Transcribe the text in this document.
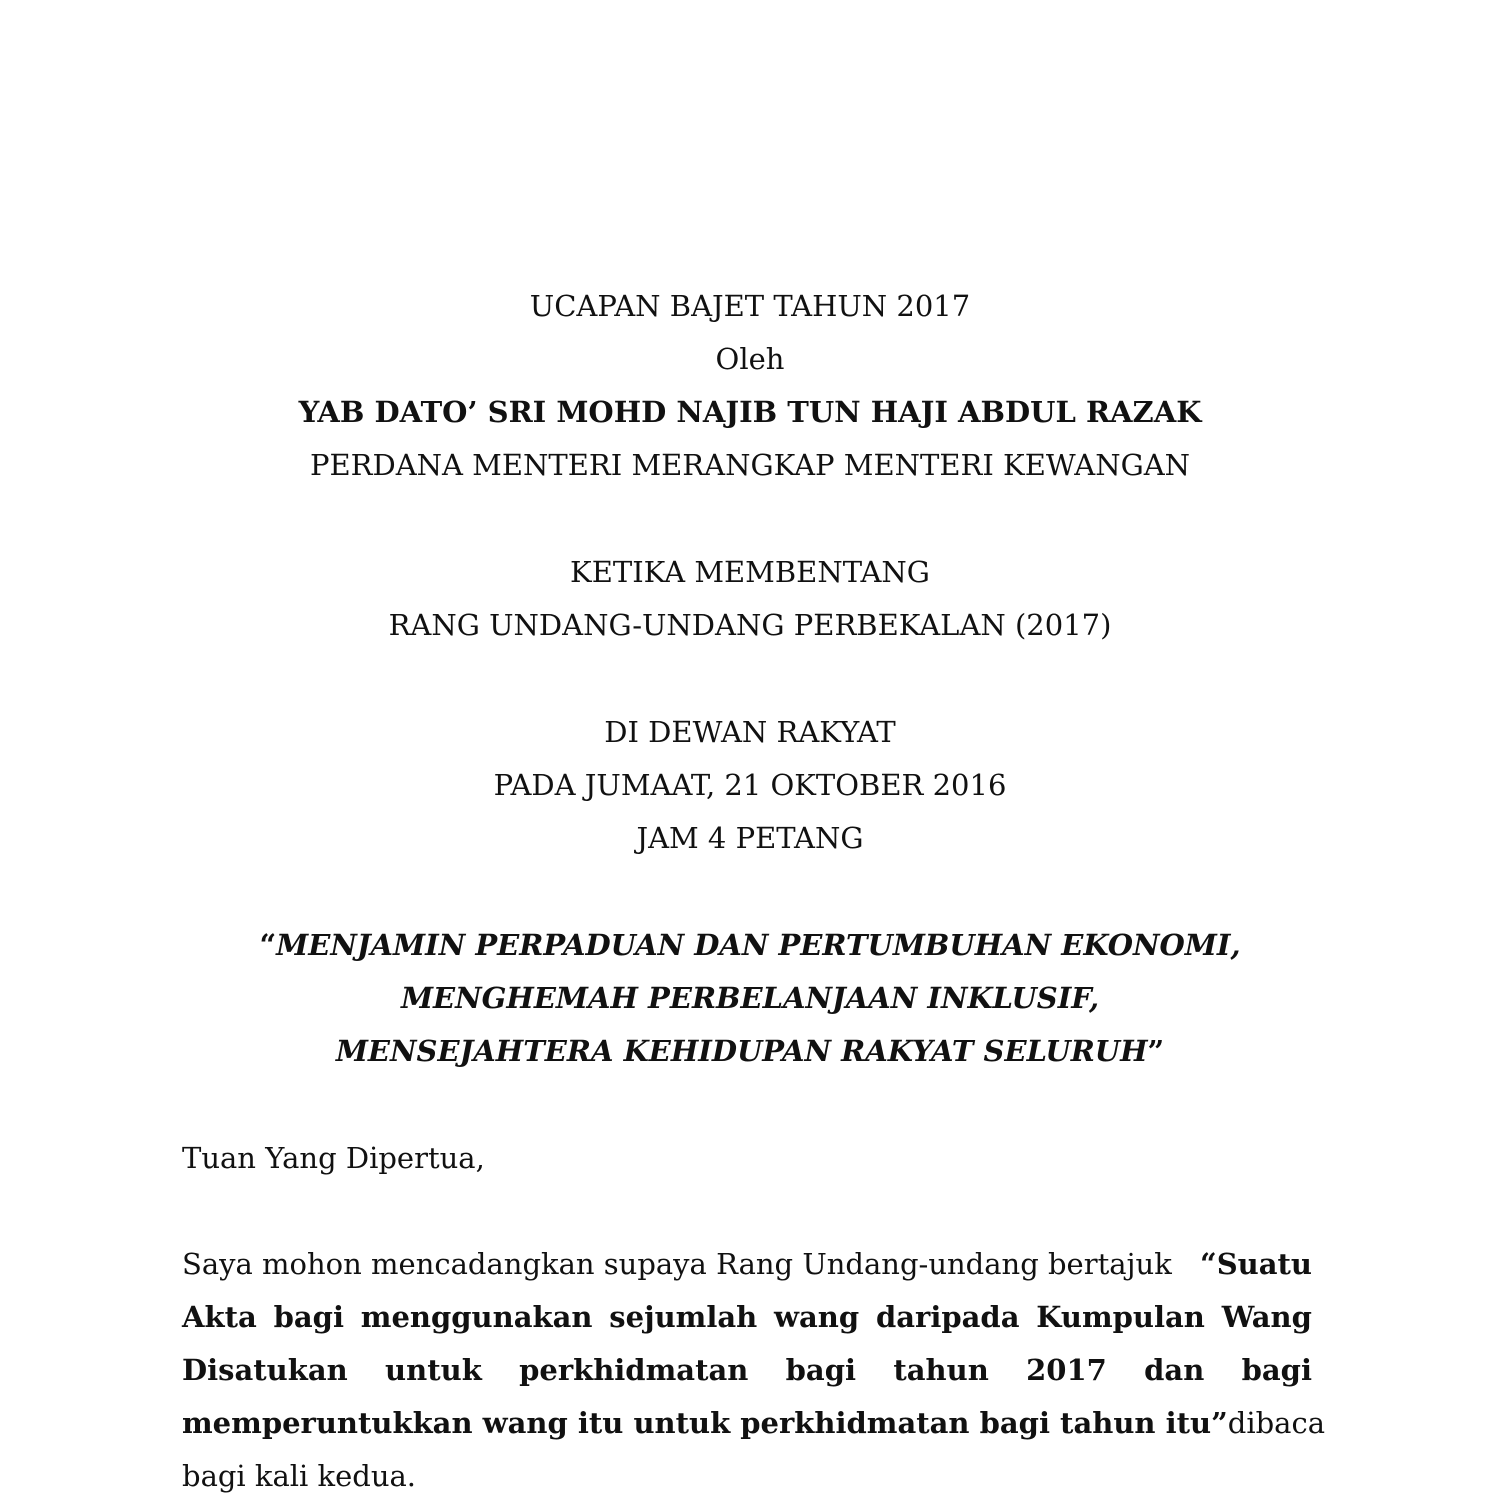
UCAPAN BAJET TAHUN 2017
Oleh
YAB DATO’ SRI MOHD NAJIB TUN HAJI ABDUL RAZAK
PERDANA MENTERI MERANGKAP MENTERI KEWANGAN
KETIKA MEMBENTANG
RANG UNDANG-UNDANG PERBEKALAN (2017)
DI DEWAN RAKYAT
PADA JUMAAT, 21 OKTOBER 2016
JAM 4 PETANG
“MENJAMIN PERPADUAN DAN PERTUMBUHAN EKONOMI,
MENGHEMAH PERBELANJAAN INKLUSIF,
MENSEJAHTERA KEHIDUPAN RAKYAT SELURUH”
Tuan Yang Dipertua,
Saya mohon mencadangkan supaya Rang Undang-undang bertajuk “Suatu
Akta bagi menggunakan sejumlah wang daripada Kumpulan Wang
Disatukan untuk perkhidmatan bagi tahun 2017 dan bagi
memperuntukkan wang itu untuk perkhidmatan bagi tahun itu” dibaca
bagi kali kedua.
